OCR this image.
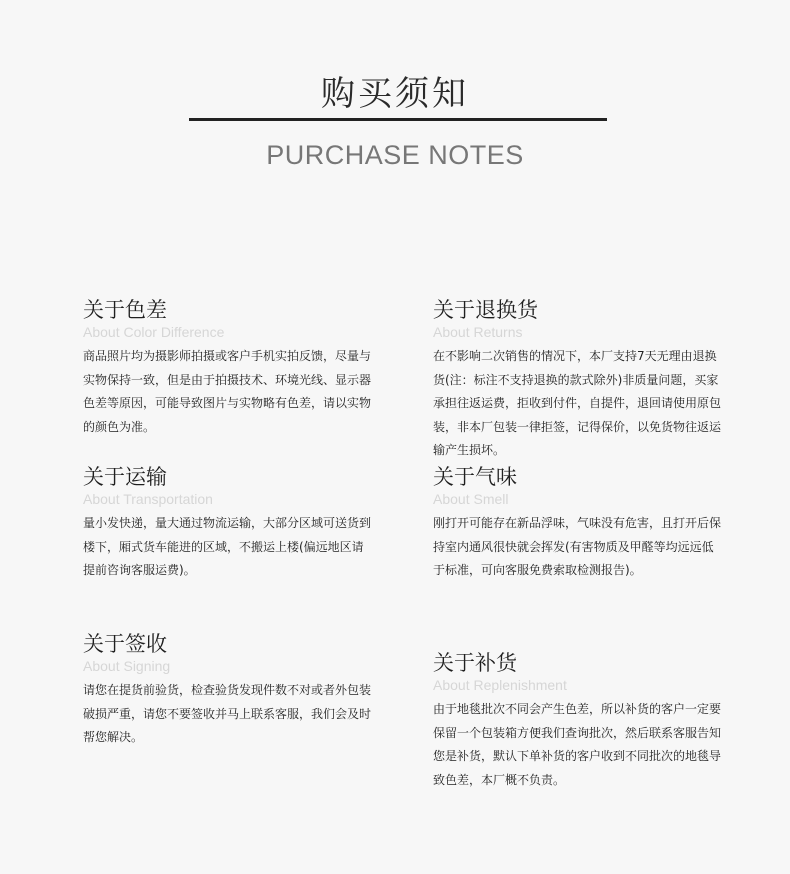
购买须知
PURCHASE NOTES
关于色差
About Color Difference

商品照片均为摄影师拍摄或客户手机实拍反馈，尽量与实物保持一致，但是由于拍摄技术、环境光线、显示器色差等原因，可能导致图片与实物略有色差，请以实物的颜色为准。

关于退换货
About Returns

在不影响二次销售的情况下，本厂支持7天无理由退换货(注：标注不支持退换的款式除外)非质量问题，买家承担往返运费，拒收到付件，自提件，退回请使用原包装，非本厂包装一律拒签，记得保价，以免货物往返运输产生损坏。

关于运输
About Transportation

量小发快递，量大通过物流运输，大部分区域可送货到楼下，厢式货车能进的区域，不搬运上楼(偏远地区请提前咨询客服运费)。

关于气味
About Smell

刚打开可能存在新品浮味，气味没有危害，且打开后保持室内通风很快就会挥发(有害物质及甲醛等均远远低于标准，可向客服免费索取检测报告)。

关于签收
About Signing

请您在提货前验货，检查验货发现件数不对或者外包装破损严重，请您不要签收并马上联系客服，我们会及时帮您解决。

关于补货
About Replenishment

由于地毯批次不同会产生色差，所以补货的客户一定要保留一个包装箱方便我们查询批次，然后联系客服告知您是补货，默认下单补货的客户收到不同批次的地毯导致色差，本厂概不负责。
